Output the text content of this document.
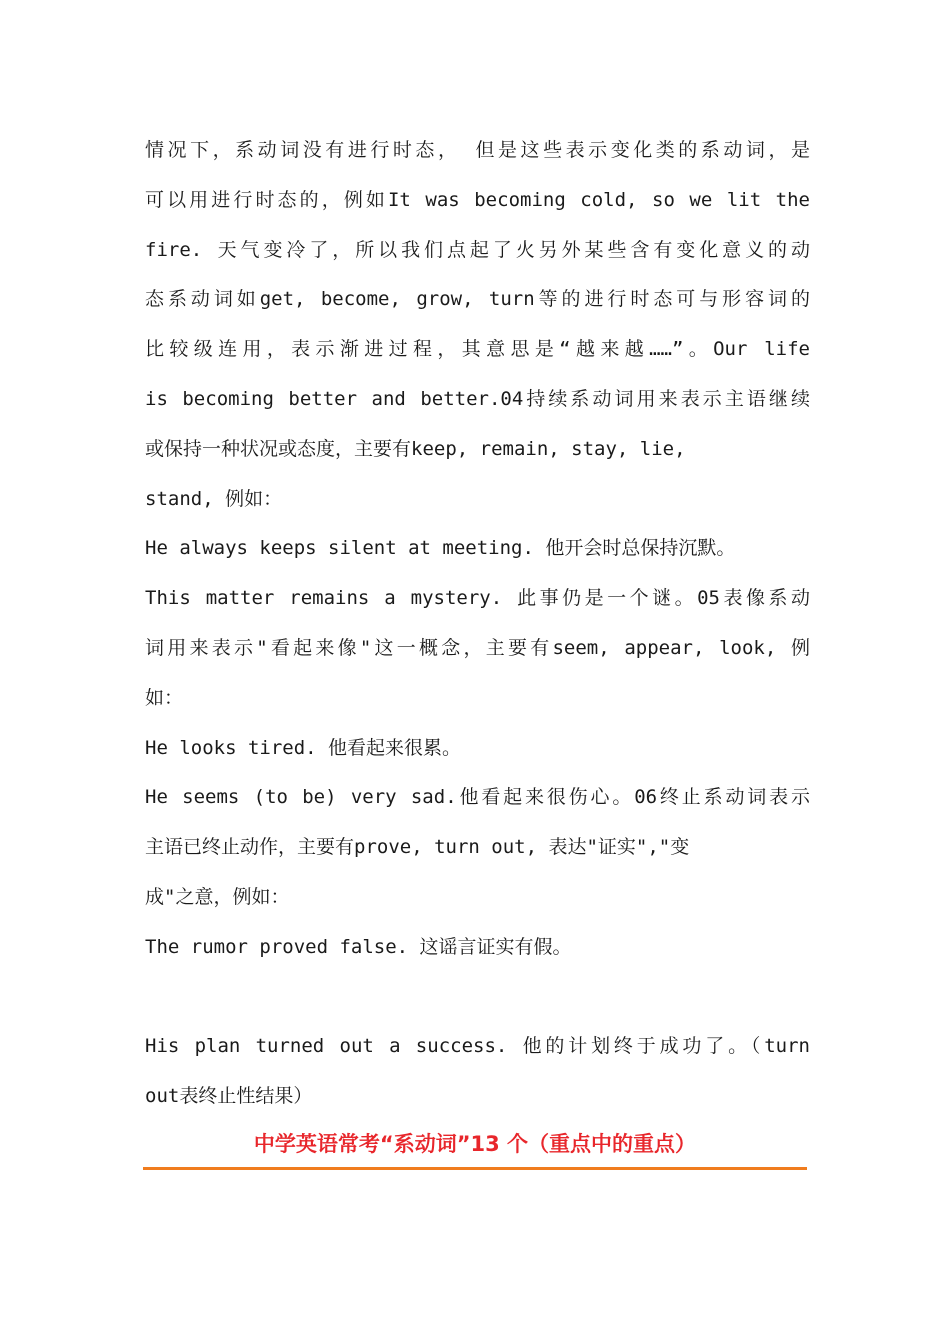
情况下，系动词没有进行时态， 但是这些表示变化类的系动词，是
可以用进行时态的，例如It was becoming cold, so we lit the
fire. 天气变冷了，所以我们点起了火另外某些含有变化意义的动
态系动词如get, become, grow, turn等的进行时态可与形容词的
比较级连用，表示渐进过程，其意思是“越来越……”。Our life
is becoming better and better.04持续系动词用来表示主语继续
或保持一种状况或态度，主要有keep, remain, stay, lie,
stand, 例如：
He always keeps silent at meeting. 他开会时总保持沉默。
This matter remains a mystery. 此事仍是一个谜。05表像系动
词用来表示"看起来像"这一概念，主要有seem, appear, look, 例
如：
He looks tired. 他看起来很累。
He seems (to be) very sad.他看起来很伤心。06终止系动词表示
主语已终止动作，主要有prove, turn out, 表达"证实","变
成"之意，例如：
The rumor proved false. 这谣言证实有假。
His plan turned out a success. 他的计划终于成功了。（turn
out表终止性结果）
中学英语常考“系动词”13 个（重点中的重点）
